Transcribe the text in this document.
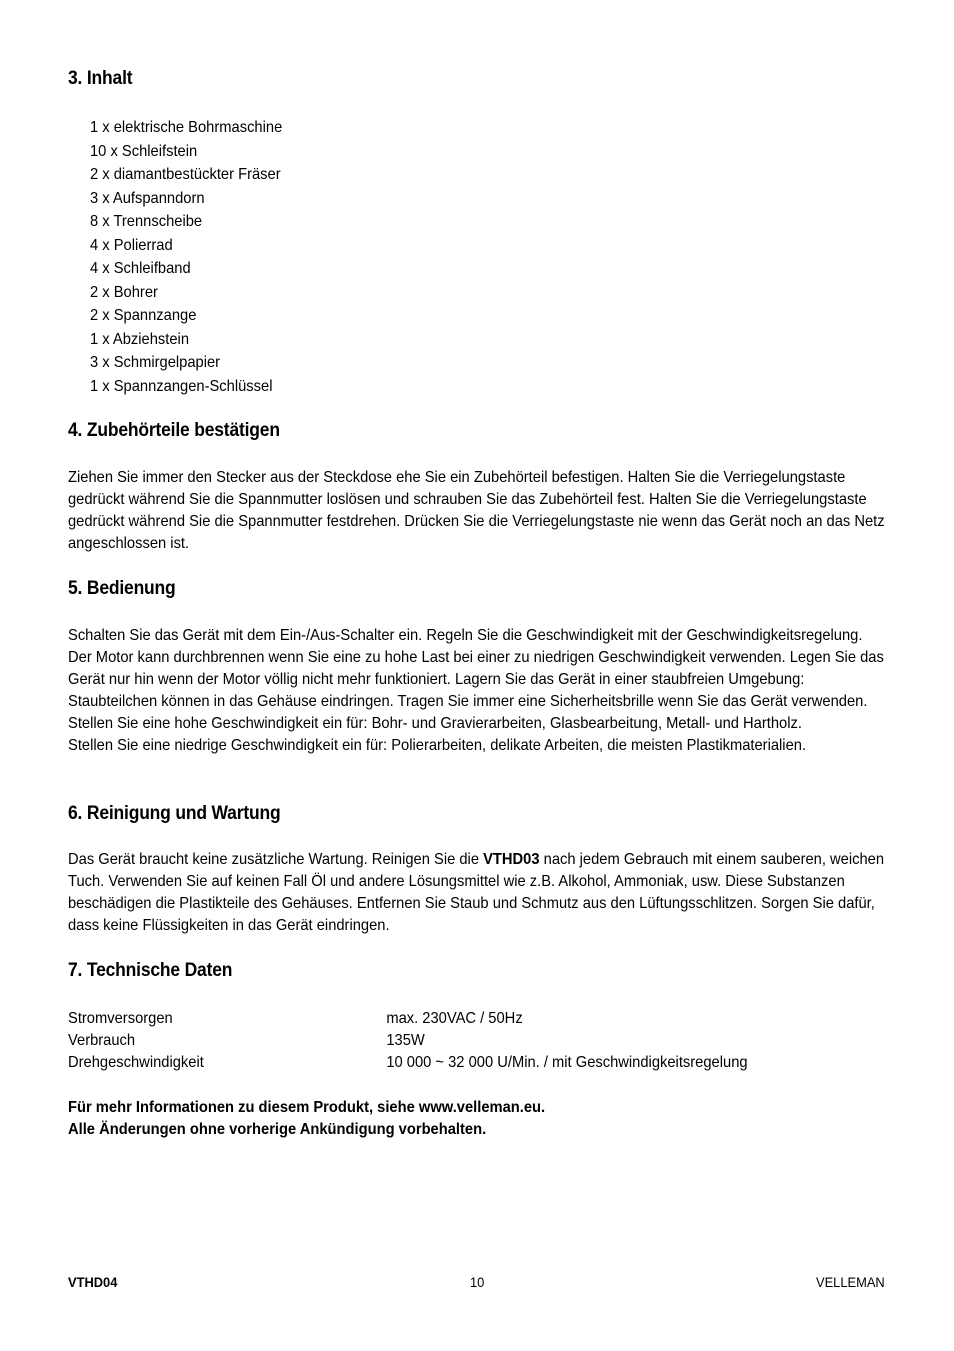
3. Inhalt
1 x elektrische Bohrmaschine
10 x Schleifstein
2 x diamantbestückter Fräser
3 x Aufspanndorn
8 x Trennscheibe
4 x Polierrad
4 x Schleifband
2 x Bohrer
2 x Spannzange
1 x Abziehstein
3 x Schmirgelpapier
1 x Spannzangen-Schlüssel
4. Zubehörteile bestätigen

Ziehen Sie immer den Stecker aus der Steckdose ehe Sie ein Zubehörteil befestigen. Halten Sie die Verriegelungstaste gedrückt während Sie die Spannmutter loslösen und schrauben Sie das Zubehörteil fest. Halten Sie die Verriegelungstaste gedrückt während Sie die Spannmutter festdrehen. Drücken Sie die Verriegelungstaste nie wenn das Gerät noch an das Netz angeschlossen ist.

5. Bedienung
Schalten Sie das Gerät mit dem Ein-/Aus-Schalter ein. Regeln Sie die Geschwindigkeit mit der Geschwindigkeitsregelung. Der Motor kann durchbrennen wenn Sie eine zu hohe Last bei einer zu niedrigen Geschwindigkeit verwenden. Legen Sie das Gerät nur hin wenn der Motor völlig nicht mehr funktioniert. Lagern Sie das Gerät in einer staubfreien Umgebung: Staubteilchen können in das Gehäuse eindringen. Tragen Sie immer eine Sicherheitsbrille wenn Sie das Gerät verwenden.
Stellen Sie eine hohe Geschwindigkeit ein für: Bohr- und Gravierarbeiten, Glasbearbeitung, Metall- und Hartholz.
Stellen Sie eine niedrige Geschwindigkeit ein für: Polierarbeiten, delikate Arbeiten, die meisten Plastikmaterialien.
6. Reinigung und Wartung

Das Gerät braucht keine zusätzliche Wartung. Reinigen Sie die VTHD03 nach jedem Gebrauch mit einem sauberen, weichen Tuch. Verwenden Sie auf keinen Fall Öl und andere Lösungsmittel wie z.B. Alkohol, Ammoniak, usw. Diese Substanzen beschädigen die Plastikteile des Gehäuses. Entfernen Sie Staub und Schmutz aus den Lüftungsschlitzen. Sorgen Sie dafür, dass keine Flüssigkeiten in das Gerät eindringen.

7. Technische Daten
Stromversorgen	max. 230VAC / 50Hz
Verbrauch	135W
Drehgeschwindigkeit	10 000 ~ 32 000 U/Min. / mit Geschwindigkeitsregelung
Für mehr Informationen zu diesem Produkt, siehe www.velleman.eu.
Alle Änderungen ohne vorherige Ankündigung vorbehalten.
VTHD04	10	VELLEMAN
